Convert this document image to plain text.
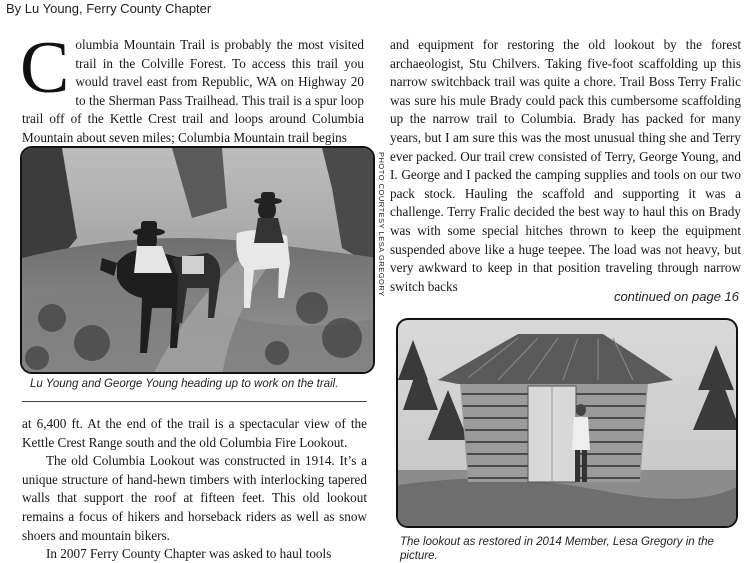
By Lu Young, Ferry County Chapter

Columbia Mountain Trail is probably the most visited trail in the Colville Forest. To access this trail you would travel east from Republic, WA on Highway 20 to the Sherman Pass Trailhead. This trail is a spur loop trail off of the Kettle Crest trail and loops around Columbia Mountain about seven miles; Columbia Mountain trail begins

PHOTO COURTESY LESA GREGORY
Lu Young and George Young heading up to work on the trail.

at 6,400 ft. At the end of the trail is a spectacular view of the Kettle Crest Range south and the old Columbia Fire Lookout.

The old Columbia Lookout was constructed in 1914. It’s a unique structure of hand-hewn timbers with interlocking tapered walls that support the roof at fifteen feet. This old lookout remains a focus of hikers and horseback riders as well as snow shoers and mountain bikers.

In 2007 Ferry County Chapter was asked to haul tools

and equipment for restoring the old lookout by the forest archaeologist, Stu Chilvers. Taking five-foot scaffolding up this narrow switchback trail was quite a chore. Trail Boss Terry Fralic was sure his mule Brady could pack this cumbersome scaffolding up the narrow trail to Columbia. Brady has packed for many years, but I am sure this was the most unusual thing she and Terry ever packed. Our trail crew consisted of Terry, George Young, and I. George and I packed the camping supplies and tools on our two pack stock. Hauling the scaffold and supporting it was a challenge. Terry Fralic decided the best way to haul this on Brady was with some special hitches thrown to keep the equipment suspended above like a huge teepee. The load was not heavy, but very awkward to keep in that position traveling through narrow switch backs

continued on page 16
The lookout as restored in 2014 Member, Lesa Gregory in the picture.
